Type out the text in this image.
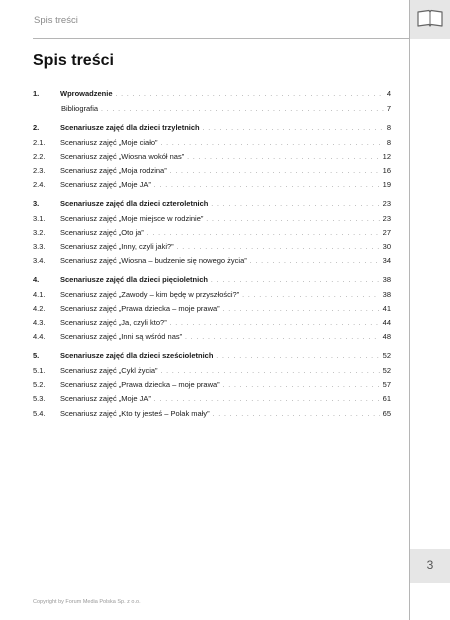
Spis treści
Spis treści
1.	Wprowadzenie . . .	4
Bibliografia . . .	7
2.	Scenariusze zajęć dla dzieci trzyletnich . . .	8
2.1.	Scenariusz zajęć „Moje ciało” . . .	8
2.2.	Scenariusz zajęć „Wiosna wokół nas” . . .	12
2.3.	Scenariusz zajęć „Moja rodzina” . . .	16
2.4.	Scenariusz zajęć „Moje JA” . . .	19
3.	Scenariusze zajęć dla dzieci czteroletnich . . .	23
3.1.	Scenariusz zajęć „Moje miejsce w rodzinie” . . .	23
3.2.	Scenariusz zajęć „Oto ja” . . .	27
3.3.	Scenariusz zajęć „Inny, czyli jaki?” . . .	30
3.4.	Scenariusz zajęć „Wiosna – budzenie się nowego życia” . . .	34
4.	Scenariusze zajęć dla dzieci pięcioletnich . . .	38
4.1.	Scenariusz zajęć „Zawody – kim będę w przyszłości?” . . .	38
4.2.	Scenariusz zajęć „Prawa dziecka – moje prawa” . . .	41
4.3.	Scenariusz zajęć „Ja, czyli kto?” . . .	44
4.4.	Scenariusz zajęć „Inni są wśród nas” . . .	48
5.	Scenariusze zajęć dla dzieci sześcioletnich . . .	52
5.1.	Scenariusz zajęć „Cykl życia” . . .	52
5.2.	Scenariusz zajęć „Prawa dziecka – moje prawa” . . .	57
5.3.	Scenariusz zajęć „Moje JA” . . .	61
5.4.	Scenariusz zajęć „Kto ty jesteś – Polak mały” . . .	65
3
Copyright by Forum Media Polska Sp. z o.o.
